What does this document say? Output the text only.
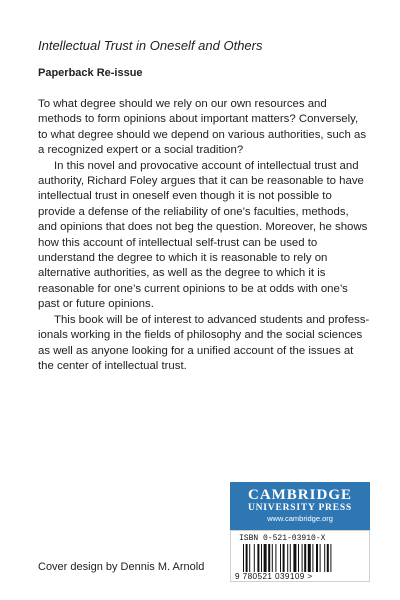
Intellectual Trust in Oneself and Others
Paperback Re-issue

To what degree should we rely on our own resources and methods to form opinions about important matters? Conversely, to what degree should we depend on various authorities, such as a recognized expert or a social tradition?

In this novel and provocative account of intellectual trust and authority, Richard Foley argues that it can be reasonable to have intellectual trust in oneself even though it is not possible to provide a defense of the reliability of one’s faculties, methods, and opinions that does not beg the question. Moreover, he shows how this account of intellectual self-trust can be used to understand the degree to which it is reasonable to rely on alternative authorities, as well as the degree to which it is reasonable for one’s current opinions to be at odds with one’s past or future opinions.

This book will be of interest to advanced students and profess-ionals working in the fields of philosophy and the social sciences as well as anyone looking for a unified account of the issues at the center of intellectual trust.

Cover design by Dennis M. Arnold
CAMBRIDGE
UNIVERSITY PRESS
www.cambridge.org
ISBN 0-521-03910-X
9 780521 039109 >
